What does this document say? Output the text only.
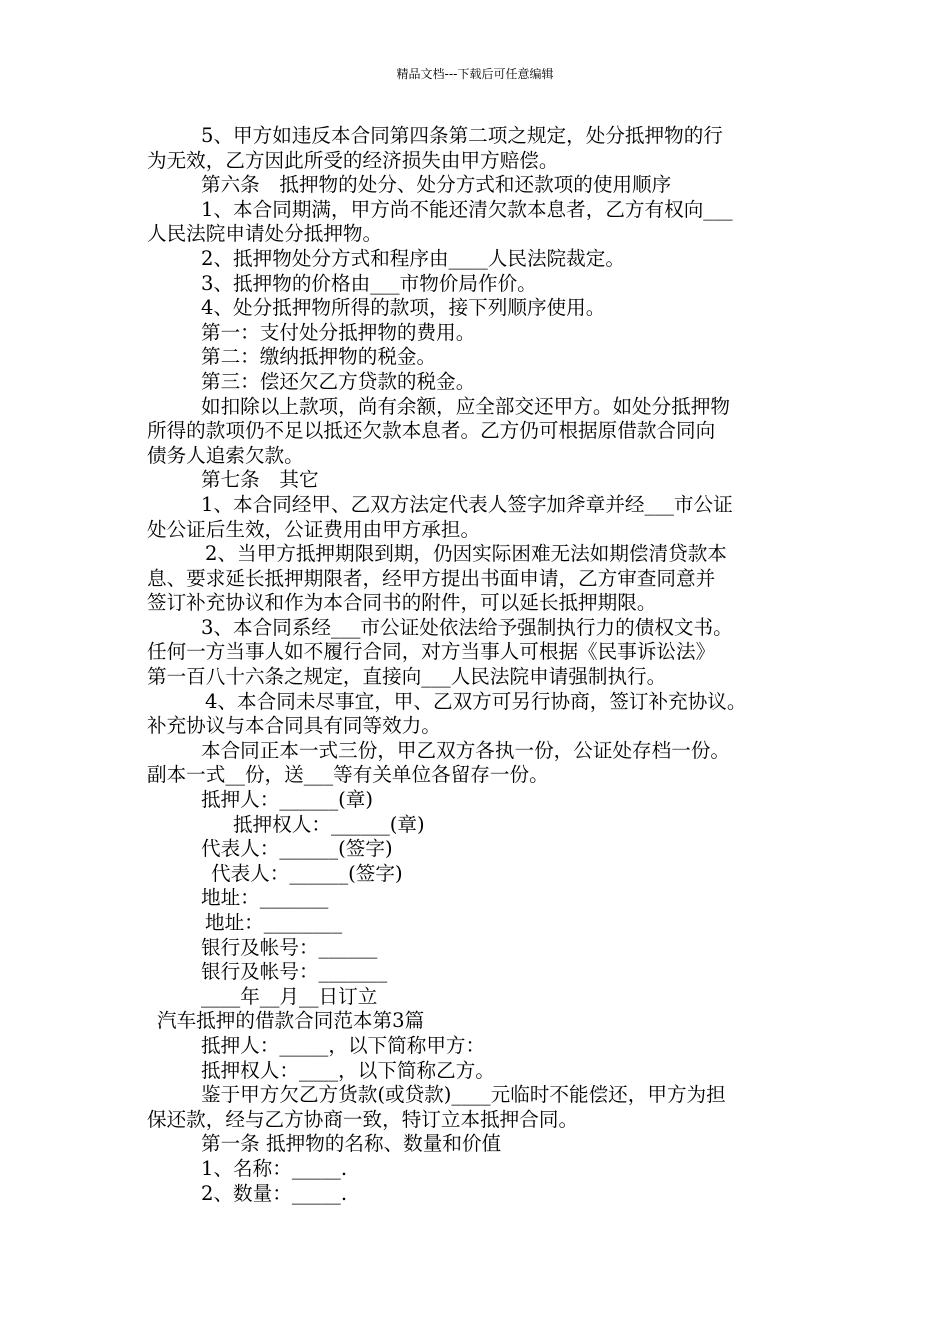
精品文档---下载后可任意编辑
5、甲方如违反本合同第四条第二项之规定，处分抵押物的行
为无效，乙方因此所受的经济损失由甲方赔偿。
第六条　抵押物的处分、处分方式和还款项的使用顺序
1、本合同期满，甲方尚不能还清欠款本息者，乙方有权向___
人民法院申请处分抵押物。
2、抵押物处分方式和程序由____人民法院裁定。
3、抵押物的价格由___市物价局作价。
4、处分抵押物所得的款项，接下列顺序使用。
第一：支付处分抵押物的费用。
第二：缴纳抵押物的税金。
第三：偿还欠乙方贷款的税金。
如扣除以上款项，尚有余额，应全部交还甲方。如处分抵押物
所得的款项仍不足以抵还欠款本息者。乙方仍可根据原借款合同向
债务人追索欠款。
第七条　其它
1、本合同经甲、乙双方法定代表人签字加斧章并经___市公证
处公证后生效，公证费用由甲方承担。
2、当甲方抵押期限到期，仍因实际困难无法如期偿清贷款本
息、要求延长抵押期限者，经甲方提出书面申请，乙方审查同意并
签订补充协议和作为本合同书的附件，可以延长抵押期限。
3、本合同系经___市公证处依法给予强制执行力的债权文书。
任何一方当事人如不履行合同，对方当事人可根据《民事诉讼法》
第一百八十六条之规定，直接向___人民法院申请强制执行。
4、本合同未尽事宜，甲、乙双方可另行协商，签订补充协议。
补充协议与本合同具有同等效力。
本合同正本一式三份，甲乙双方各执一份，公证处存档一份。
副本一式__份，送___等有关单位各留存一份。
抵押人：______(章)
抵押权人：______(章)
代表人：______(签字)
代表人：______(签字)
地址：_______
地址：________
银行及帐号：______
银行及帐号：_______
____年__月__日订立
汽车抵押的借款合同范本第3篇
抵押人：_____，以下简称甲方：
抵押权人：____，以下简称乙方。
鉴于甲方欠乙方货款(或贷款)____元临时不能偿还，甲方为担
保还款，经与乙方协商一致，特订立本抵押合同。
第一条 抵押物的名称、数量和价值
1、名称：_____.
2、数量：_____.
